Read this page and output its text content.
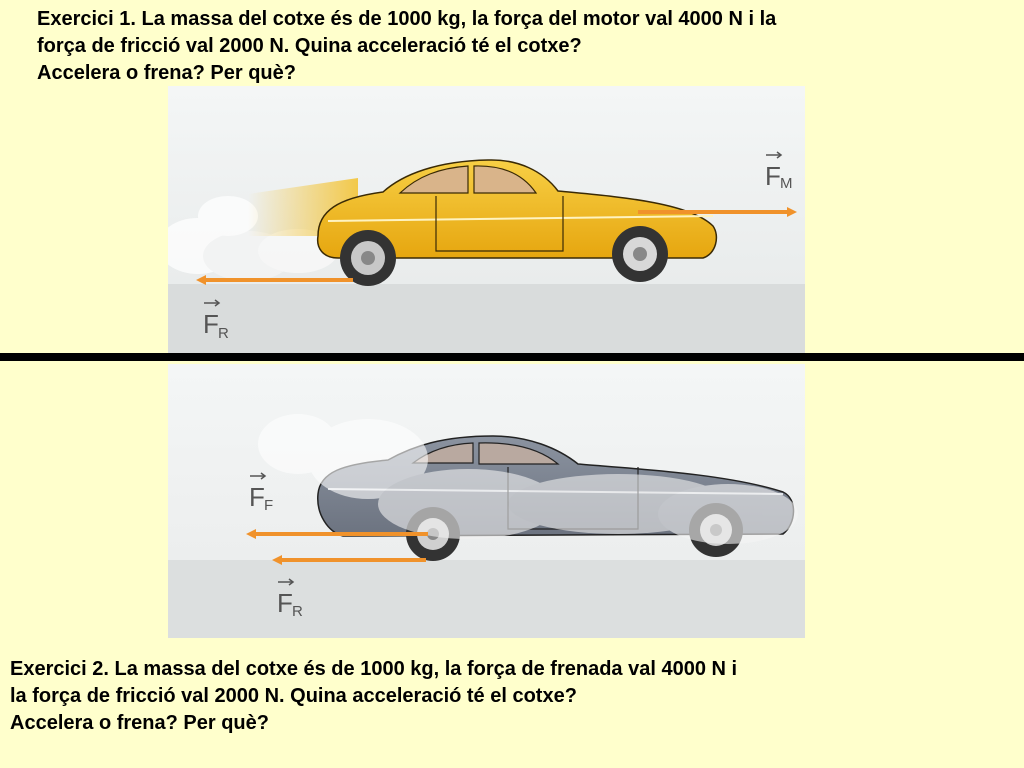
Exercici 1. La massa del cotxe és de 1000 kg, la força del motor val 4000 N i la
força de fricció val 2000 N. Quina acceleració té el cotxe?
Accelera o frena? Per què?

F M
F R
F F
F R

Exercici 2. La massa del cotxe és de 1000 kg, la força de frenada val 4000 N i
la força de fricció val 2000 N. Quina acceleració té el cotxe?
Accelera o frena? Per què?
